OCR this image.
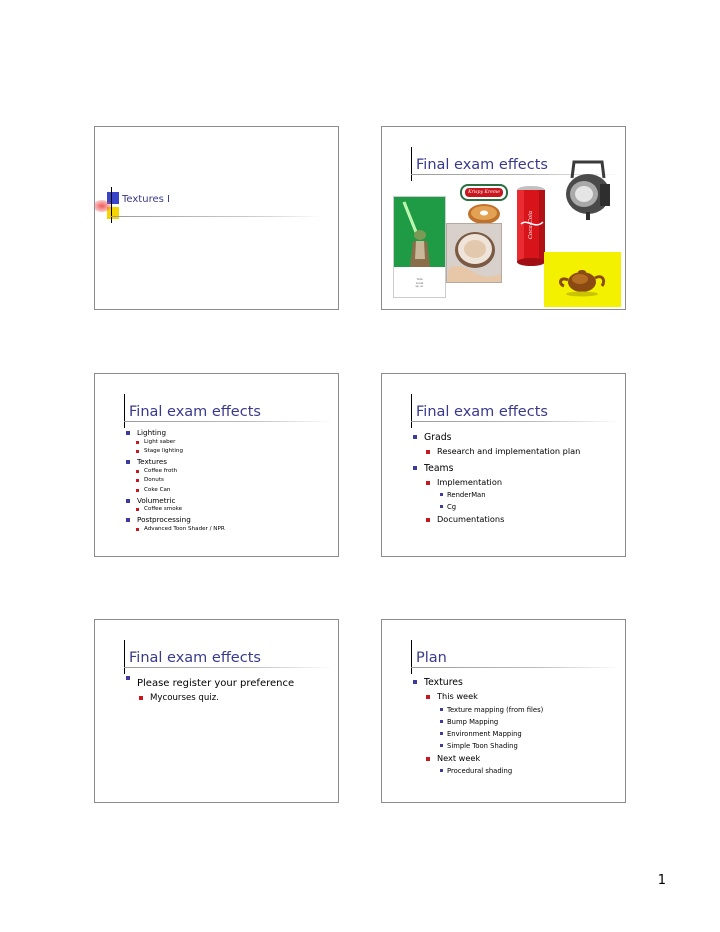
Textures I
Final exam effects
Yoda
Lucas
sp. ar.
Krispy Kreme
Coca-Cola
Final exam effects
Lighting
Light saber
Stage lighting
Textures
Coffee froth
Donuts
Coke Can
Volumetric
Coffee smoke
Postprocessing
Advanced Toon Shader / NPR
Final exam effects
Grads
Research and implementation plan
Teams
Implementation
RenderMan
Cg
Documentations
Final exam effects
Please register your preference
Mycourses quiz.
Plan
Textures
This week
Texture mapping (from files)
Bump Mapping
Environment Mapping
Simple Toon Shading
Next week
Procedural shading
1
